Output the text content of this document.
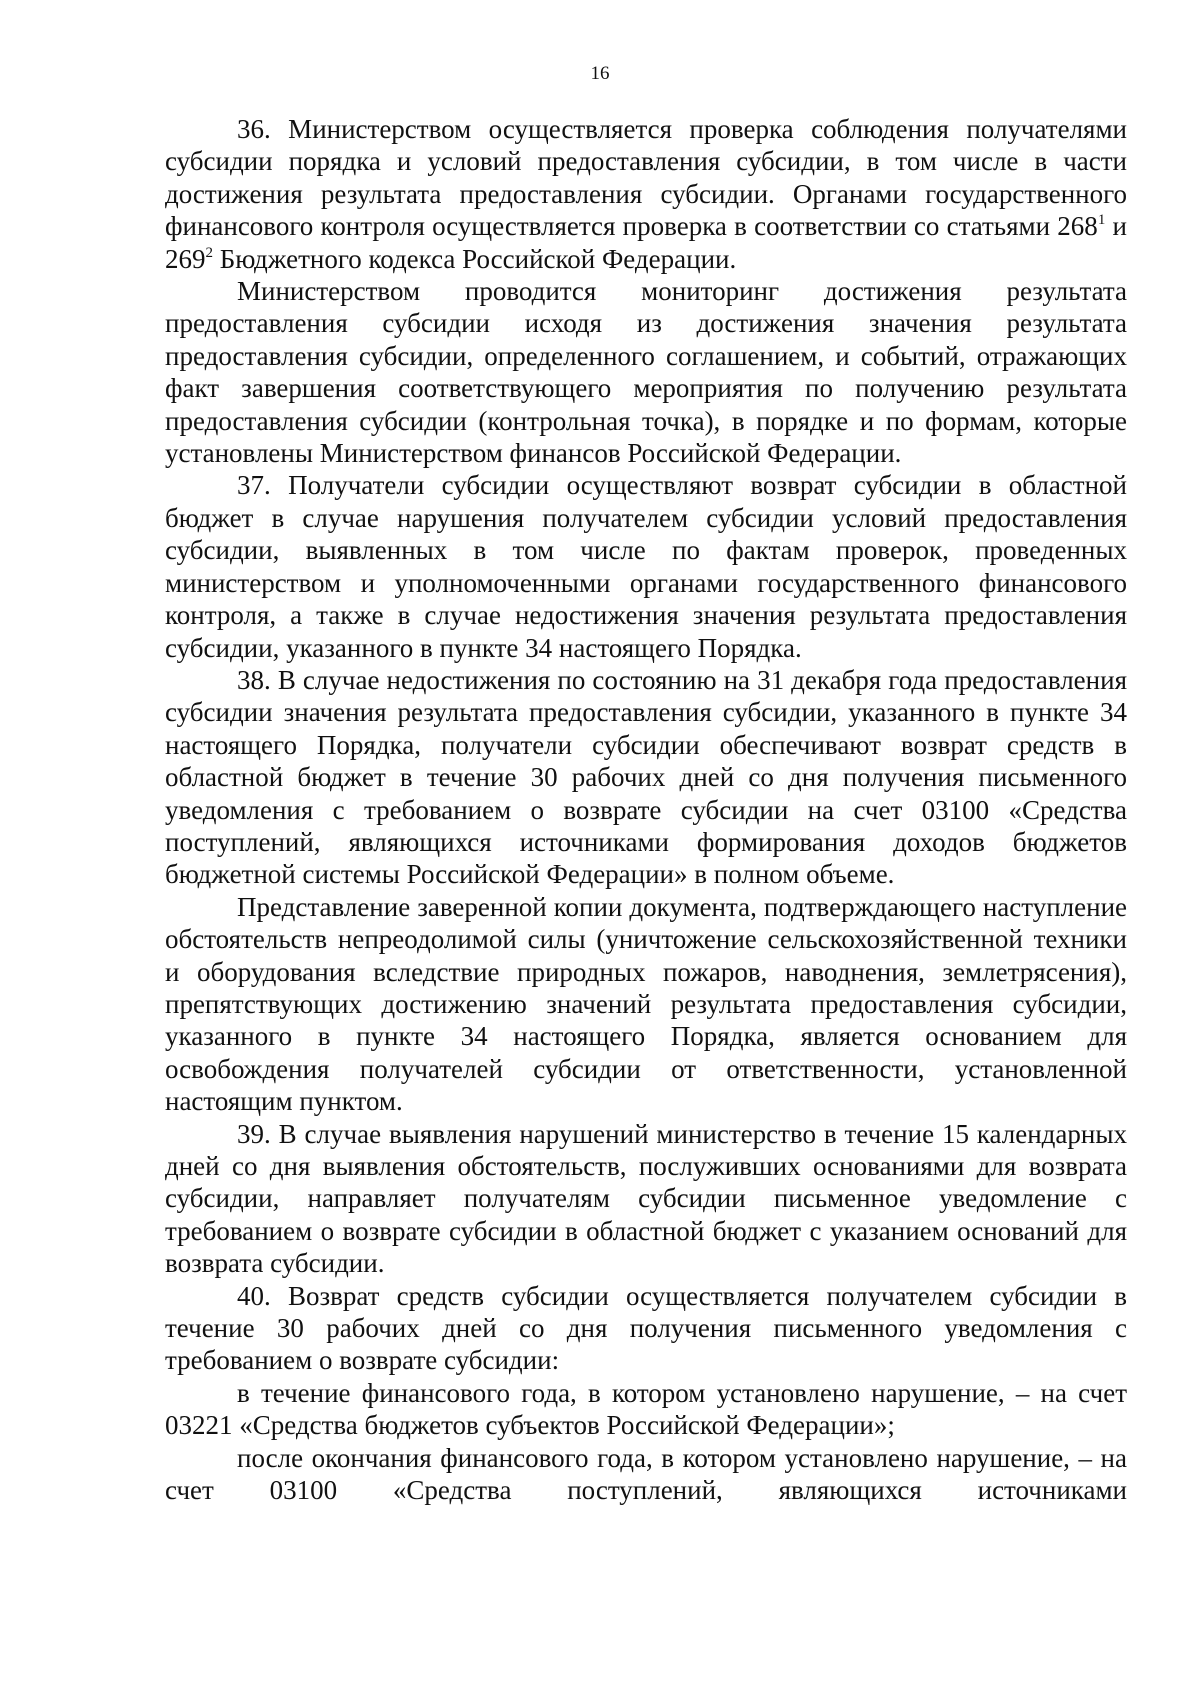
16

36. Министерством осуществляется проверка соблюдения получателями субсидии порядка и условий предоставления субсидии, в том числе в части достижения результата предоставления субсидии. Органами государственного финансового контроля осуществляется проверка в соответствии со статьями $268^1$ и $269^2$ Бюджетного кодекса Российской Федерации.

Министерством проводится мониторинг достижения результата предоставления субсидии исходя из достижения значения результата предоставления субсидии, определенного соглашением, и событий, отражающих факт завершения соответствующего мероприятия по получению результата предоставления субсидии (контрольная точка), в порядке и по формам, которые установлены Министерством финансов Российской Федерации.

37. Получатели субсидии осуществляют возврат субсидии в областной бюджет в случае нарушения получателем субсидии условий предоставления субсидии, выявленных в том числе по фактам проверок, проведенных министерством и уполномоченными органами государственного финансового контроля, а также в случае недостижения значения результата предоставления субсидии, указанного в пункте 34 настоящего Порядка.

38. В случае недостижения по состоянию на 31 декабря года предоставления субсидии значения результата предоставления субсидии, указанного в пункте 34 настоящего Порядка, получатели субсидии обеспечивают возврат средств в областной бюджет в течение 30 рабочих дней со дня получения письменного уведомления с требованием о возврате субсидии на счет 03100 «Средства поступлений, являющихся источниками формирования доходов бюджетов бюджетной системы Российской Федерации» в полном объеме.

Представление заверенной копии документа, подтверждающего наступление обстоятельств непреодолимой силы (уничтожение сельскохозяйственной техники и оборудования вследствие природных пожаров, наводнения, землетрясения), препятствующих достижению значений результата предоставления субсидии, указанного в пункте 34 настоящего Порядка, является основанием для освобождения получателей субсидии от ответственности, установленной настоящим пунктом.

39. В случае выявления нарушений министерство в течение 15 календарных дней со дня выявления обстоятельств, послуживших основаниями для возврата субсидии, направляет получателям субсидии письменное уведомление с требованием о возврате субсидии в областной бюджет с указанием оснований для возврата субсидии.

40. Возврат средств субсидии осуществляется получателем субсидии в течение 30 рабочих дней со дня получения письменного уведомления с требованием о возврате субсидии:

в течение финансового года, в котором установлено нарушение, – на счет 03221 «Средства бюджетов субъектов Российской Федерации»;

после окончания финансового года, в котором установлено нарушение, – на счет 03100 «Средства поступлений, являющихся источниками
